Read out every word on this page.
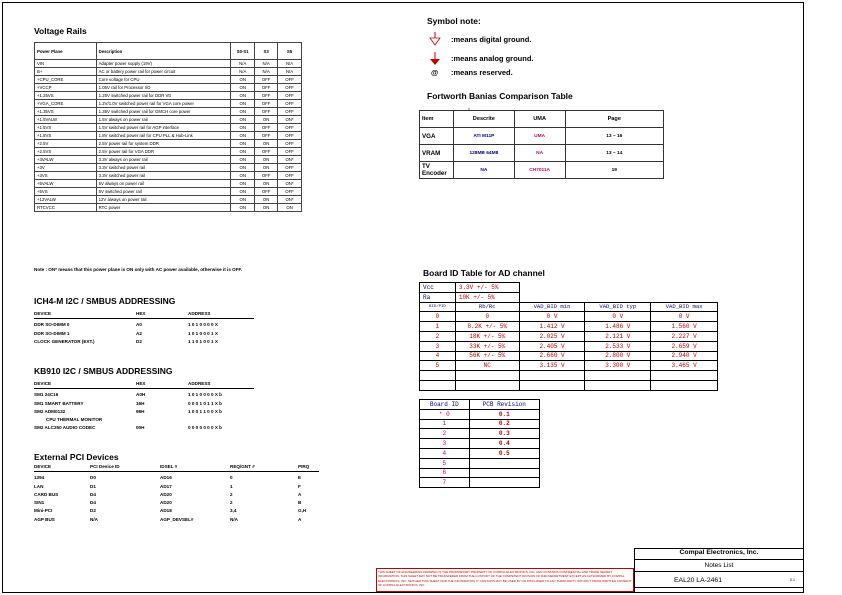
Voltage Rails
Power Plane	Description	S0-S1	S3	S5
VIN	Adapter power supply (19V)	N/A	N/A	N/A
B+	AC or battery power rail for power circuit	N/A	N/A	N/A
+CPU_CORE	Core voltage for CPU	ON	OFF	OFF
+VCCP	1.05V rail for Processor I/O	ON	OFF	OFF
+1.25VS	1.25V switched power rail for DDR Vtt	ON	OFF	OFF
+VGA_CORE	1.2V/1.0V switched power rail for VGA core power	ON	OFF	OFF
+1.35VS	1.35V switched power rail for GMCH core power	ON	OFF	OFF
+1.5VALW	1.5V always on power rail	ON	ON	ON*
+1.5VS	1.5V switched power rail for AGP interface	ON	OFF	OFF
+1.8VS	1.8V switched power rail for CPU PLL & Hub-Link	ON	OFF	OFF
+2.5V	2.5V power rail for system DDR	ON	ON	OFF
+2.5VS	2.5V power rail for VGA DDR	ON	OFF	OFF
+3VALW	3.3V always on power rail	ON	ON	ON*
+3V	3.3V switched power rail	ON	ON	OFF
+3VS	3.3V switched power rail	ON	OFF	OFF
+5VALW	5V always on power rail	ON	ON	ON*
+5VS	5V switched power rail	ON	OFF	OFF
+12VALW	12V always on power rail	ON	ON	ON*
RTCVCC	RTC power	ON	ON	ON
Note : ON* means that this power plane is ON only with AC power available, otherwise it is OFF.
ICH4-M I2C / SMBUS ADDRESSING
DEVICE	HEX	ADDRESS
DDR SO-DIMM 0	A0	1 0 1 0 0 0 0 X
DDR SO-DIMM 1	A2	1 0 1 0 0 0 1 X
CLOCK GENERATOR (EXT.)	D2	1 1 0 1 0 0 1 X
KB910 I2C / SMBUS ADDRESSING
DEVICE	HEX	ADDRESS
SM1 24C16	A0H	1 0 1 0 0 0 0 X b
SM1 SMART BATTERY	16H	0 0 0 1 0 1 1 X b
SM2 ADM0132	98H	1 0 0 1 1 0 0 X b
CPU THERMAL MONITOR
SM2 ALC250 AUDIO CODEC	00H	0 0 0 0 0 0 0 X b
External PCI Devices
DEVICE	PCI Device ID	IDSEL #	REQ/GNT #	PIRQ
1394	D0	AD16	0	E
LAN	D1	AD17	1	F
CARD BUS	D4	AD20	2	A
SIN1	D4	AD20	2	B
Mini-PCI	D2	AD18	3,4	G,H
AGP BUS	N/A	AGP_DEVSEL#	N/A	A
Symbol note:
:means digital ground.
:means analog ground.
@ :means reserved.
Fortworth Banias Comparison Table
*
Item	Descrite	UMA	Page
VGA	ATI M11P	UMA	13 ~ 16
VRAM	128MB 64M8	NA	13 ~ 14
TV Encoder	NA	CH7011A	19
Board ID Table for AD channel
Vcc	3.3V +/- 5%			
Ra	10K +/- 5%			
BID/PID	Rb/Rc	VAD_BID min	VAD_BID typ	VAD_BID max
0	0	0 V	0 V	0 V
1	8.2K +/- 5%	1.412 V	1.486 V	1.560 V
2	18K +/- 5%	2.025 V	2.121 V	2.227 V
3	33K +/- 5%	2.405 V	2.533 V	2.659 V
4	56K +/- 5%	2.660 V	2.800 V	2.940 V
5	NC	3.135 V	3.300 V	3.465 V

Board ID	PCB Revision
* 0	0.1
1	0.2
2	0.3
3	0.4
4	0.5
5	
6	
7	
THIS SHEET OF ENGINEERING DRAWING IS THE PROPRIETARY PROPERTY OF COMPAL ELECTRONICS, INC. AND CONTAINS CONFIDENTIAL AND TRADE SECRET INFORMATION. THIS SHEET MAY NOT BE TRANSFERED FROM THE CUSTODY OF THE COMPETENT DIVISION OF R&D DEPARTMENT EXCEPT AS AUTHORIZED BY COMPAL ELECTRONICS, INC. NEITHER THIS SHEET NOR THE INFORMATION IT CONTAINS MAY BE USED BY OR DISCLOSED TO ANY THIRD PARTY WITHOUT PRIOR WRITTEN CONSENT OF COMPAL ELECTRONICS, INC.
Compal Electronics, Inc.
Notes List
EAL20 LA-2461	0.1
